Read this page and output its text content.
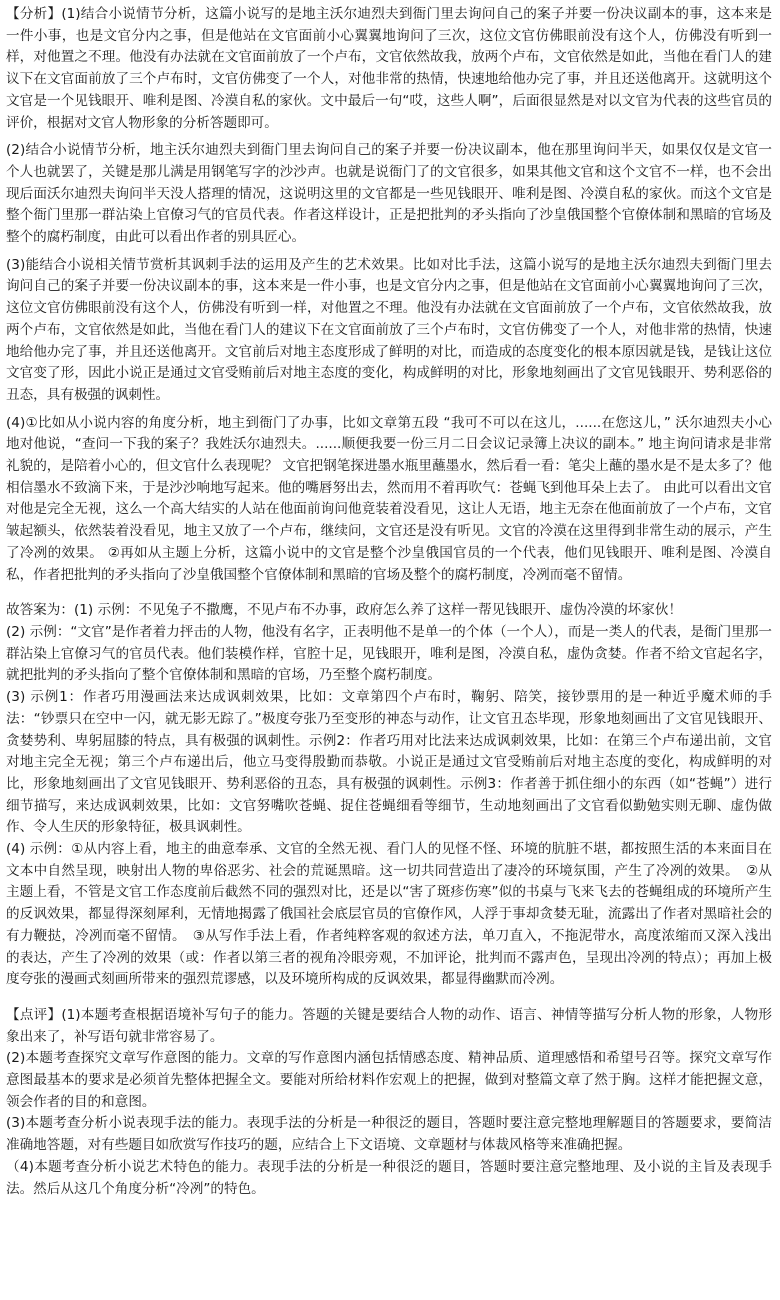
【分析】(1)结合小说情节分析，这篇小说写的是地主沃尔迪烈夫到衙门里去询问自己的案子并要一份决议副本的事，这本来是一件小事，也是文官分内之事，但是他站在文官面前小心翼翼地询问了三次，这位文官仿佛眼前没有这个人，仿佛没有听到一样，对他置之不理。他没有办法就在文官面前放了一个卢布，文官依然故我，放两个卢布，文官依然是如此，当他在看门人的建议下在文官面前放了三个卢布时，文官仿佛变了一个人，对他非常的热情，快速地给他办完了事，并且还送他离开。这就明这个文官是一个见钱眼开、唯利是图、冷漠自私的家伙。文中最后一句“哎，这些人啊”，后面很显然是对以文官为代表的这些官员的评价，根据对文官人物形象的分析答题即可。

(2)结合小说情节分析，地主沃尔迪烈夫到衙门里去询问自己的案子并要一份决议副本，他在那里询问半天，如果仅仅是文官一个人也就罢了，关键是那儿满是用钢笔写字的沙沙声。也就是说衙门了的文官很多，如果其他文官和这个文官不一样，也不会出现后面沃尔迪烈夫询问半天没人搭理的情况，这说明这里的文官都是一些见钱眼开、唯利是图、冷漠自私的家伙。而这个文官是整个衙门里那一群沾染上官僚习气的官员代表。作者这样设计，正是把批判的矛头指向了沙皇俄国整个官僚体制和黑暗的官场及整个的腐朽制度，由此可以看出作者的别具匠心。

(3)能结合小说相关情节赏析其讽刺手法的运用及产生的艺术效果。比如对比手法，这篇小说写的是地主沃尔迪烈夫到衙门里去询问自己的案子并要一份决议副本的事，这本来是一件小事，也是文官分内之事，但是他站在文官面前小心翼翼地询问了三次，这位文官仿佛眼前没有这个人，仿佛没有听到一样，对他置之不理。他没有办法就在文官面前放了一个卢布，文官依然故我，放两个卢布，文官依然是如此，当他在看门人的建议下在文官面前放了三个卢布时，文官仿佛变了一个人，对他非常的热情，快速地给他办完了事，并且还送他离开。文官前后对地主态度形成了鲜明的对比，而造成的态度变化的根本原因就是钱，是钱让这位文官变了形，因此小说正是通过文官受贿前后对地主态度的变化，构成鲜明的对比，形象地刻画出了文官见钱眼开、势利恶俗的丑态，具有极强的讽刺性。

(4)①比如从小说内容的角度分析，地主到衙门了办事，比如文章第五段 “我可不可以在这儿，......在您这儿，” 沃尔迪烈夫小心地对他说，“查问一下我的案子？我姓沃尔迪烈夫。......顺便我要一份三月二日会议记录簿上决议的副本。” 地主询问请求是非常礼貌的，是陪着小心的，但文官什么表现呢？ 文官把钢笔探进墨水瓶里蘸墨水，然后看一看：笔尖上蘸的墨水是不是太多了？他相信墨水不致滴下来，于是沙沙响地写起来。他的嘴唇努出去，然而用不着再吹气：苍蝇飞到他耳朵上去了。 由此可以看出文官对他是完全无视，这么一个高大结实的人站在他面前询问他竟装着没看见，这让人无语，地主无奈在他面前放了一个卢布，文官皱起额头，依然装着没看见，地主又放了一个卢布，继续问，文官还是没有听见。文官的冷漠在这里得到非常生动的展示，产生了冷冽的效果。 ②再如从主题上分析，这篇小说中的文官是整个沙皇俄国官员的一个代表，他们见钱眼开、唯利是图、冷漠自私，作者把批判的矛头指向了沙皇俄国整个官僚体制和黑暗的官场及整个的腐朽制度，冷冽而毫不留情。

故答案为：(1) 示例：不见兔子不撒鹰，不见卢布不办事，政府怎么养了这样一帮见钱眼开、虚伪冷漠的坏家伙！

(2) 示例：“文官”是作者着力抨击的人物，他没有名字，正表明他不是单一的个体（一个人），而是一类人的代表，是衙门里那一群沾染上官僚习气的官员代表。他们装模作样，官腔十足，见钱眼开，唯利是图，冷漠自私，虚伪贪婪。作者不给文官起名字，就把批判的矛头指向了整个官僚体制和黑暗的官场，乃至整个腐朽制度。

(3) 示例1：作者巧用漫画法来达成讽刺效果，比如：文章第四个卢布时，鞠躬、陪笑，接钞票用的是一种近乎魔术师的手法：“钞票只在空中一闪，就无影无踪了。”极度夸张乃至变形的神态与动作，让文官丑态毕现，形象地刻画出了文官见钱眼开、贪婪势利、卑躬屈膝的特点，具有极强的讽刺性。示例2：作者巧用对比法来达成讽刺效果，比如：在第三个卢布递出前，文官对地主完全无视；第三个卢布递出后，他立马变得殷勤而恭敬。小说正是通过文官受贿前后对地主态度的变化，构成鲜明的对比，形象地刻画出了文官见钱眼开、势利恶俗的丑态，具有极强的讽刺性。示例3：作者善于抓住细小的东西（如“苍蝇”）进行细节描写，来达成讽刺效果，比如：文官努嘴吹苍蝇、捉住苍蝇细看等细节，生动地刻画出了文官看似勤勉实则无聊、虚伪做作、令人生厌的形象特征，极具讽刺性。

(4) 示例：①从内容上看，地主的曲意奉承、文官的全然无视、看门人的见怪不怪、环境的肮脏不堪，都按照生活的本来面目在文本中自然呈现，映射出人物的卑俗恶劣、社会的荒诞黑暗。这一切共同营造出了凄冷的环境氛围，产生了冷冽的效果。　②从主题上看，不管是文官工作态度前后截然不同的强烈对比，还是以“害了斑疹伤寒”似的书桌与飞来飞去的苍蝇组成的环境所产生的反讽效果，都显得深刻犀利，无情地揭露了俄国社会底层官员的官僚作风，人浮于事却贪婪无耻，流露出了作者对黑暗社会的有力鞭挞，冷冽而毫不留情。　③从写作手法上看，作者纯粹客观的叙述方法，单刀直入，不拖泥带水，高度浓缩而又深入浅出的表达，产生了冷冽的效果（或：作者以第三者的视角冷眼旁观，不加评论，批判而不露声色，呈现出冷冽的特点）；再加上极度夸张的漫画式刻画所带来的强烈荒谬感，以及环境所构成的反讽效果，都显得幽默而冷冽。

【点评】(1)本题考查根据语境补写句子的能力。答题的关键是要结合人物的动作、语言、神情等描写分析人物的形象，人物形象出来了，补写语句就非常容易了。

(2)本题考查探究文章写作意图的能力。文章的写作意图内涵包括情感态度、精神品质、道理感悟和希望号召等。探究文章写作意图最基本的要求是必须首先整体把握全文。要能对所给材料作宏观上的把握，做到对整篇文章了然于胸。这样才能把握文意，领会作者的目的和意图。

(3)本题考查分析小说表现手法的能力。表现手法的分析是一种很泛的题目，答题时要注意完整地理解题目的答题要求，要简洁准确地答题，对有些题目如欣赏写作技巧的题，应结合上下文语境、文章题材与体裁风格等来准确把握。

（4)本题考查分析小说艺术特色的能力。表现手法的分析是一种很泛的题目，答题时要注意完整地理、及小说的主旨及表现手法。然后从这几个角度分析“冷冽”的特色。
